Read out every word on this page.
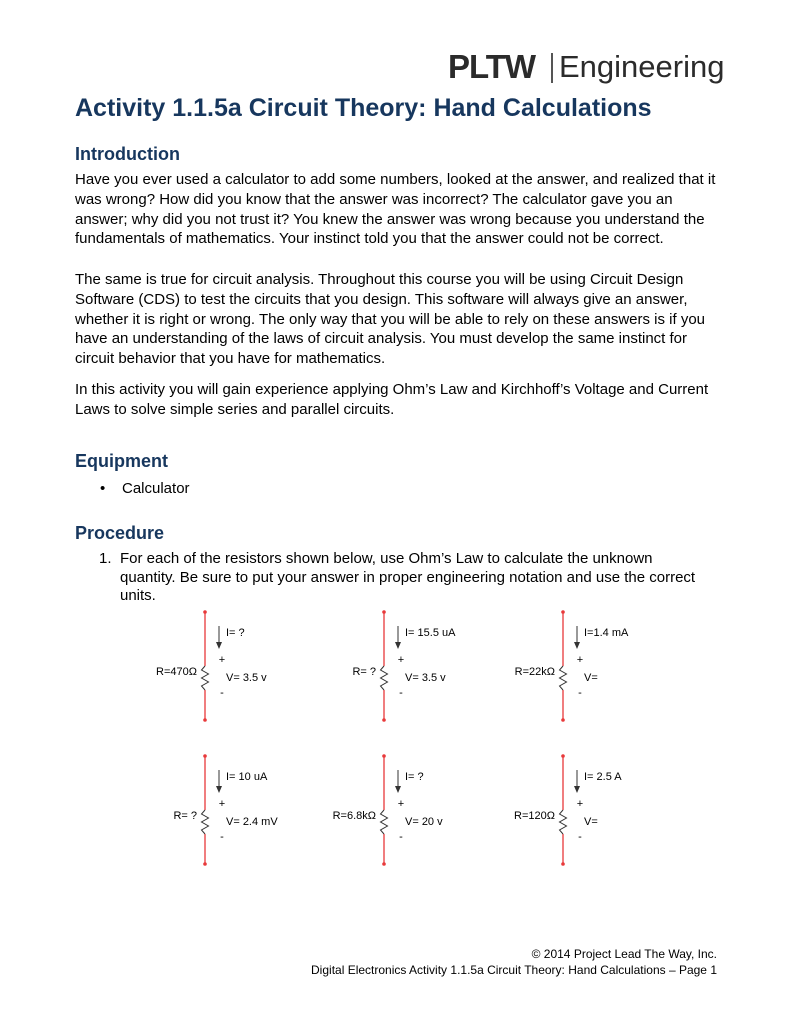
PLTW Engineering
Activity 1.1.5a Circuit Theory: Hand Calculations
Introduction

Have you ever used a calculator to add some numbers, looked at the answer, and realized that it was wrong? How did you know that the answer was incorrect? The calculator gave you an answer; why did you not trust it? You knew the answer was wrong because you understand the fundamentals of mathematics. Your instinct told you that the answer could not be correct.

The same is true for circuit analysis. Throughout this course you will be using Circuit Design Software (CDS) to test the circuits that you design. This software will always give an answer, whether it is right or wrong. The only way that you will be able to rely on these answers is if you have an understanding of the laws of circuit analysis. You must develop the same instinct for circuit behavior that you have for mathematics.

In this activity you will gain experience applying Ohm’s Law and Kirchhoff’s Voltage and Current Laws to solve simple series and parallel circuits.

Equipment
• Calculator
Procedure
1. For each of the resistors shown below, use Ohm’s Law to calculate the unknown quantity. Be sure to put your answer in proper engineering notation and use the correct units.
I= ?
+
-
V= 3.5 v
R=470Ω
I= 15.5 uA
+
-
V= 3.5 v
R= ?
I=1.4 mA
+
-
V=
R=22kΩ
I= 10 uA
+
-
V= 2.4 mV
R= ?
I= ?
+
-
V= 20 v
R=6.8kΩ
I= 2.5 A
+
-
V=
R=120Ω
© 2014 Project Lead The Way, Inc.
Digital Electronics Activity 1.1.5a Circuit Theory: Hand Calculations – Page 1
